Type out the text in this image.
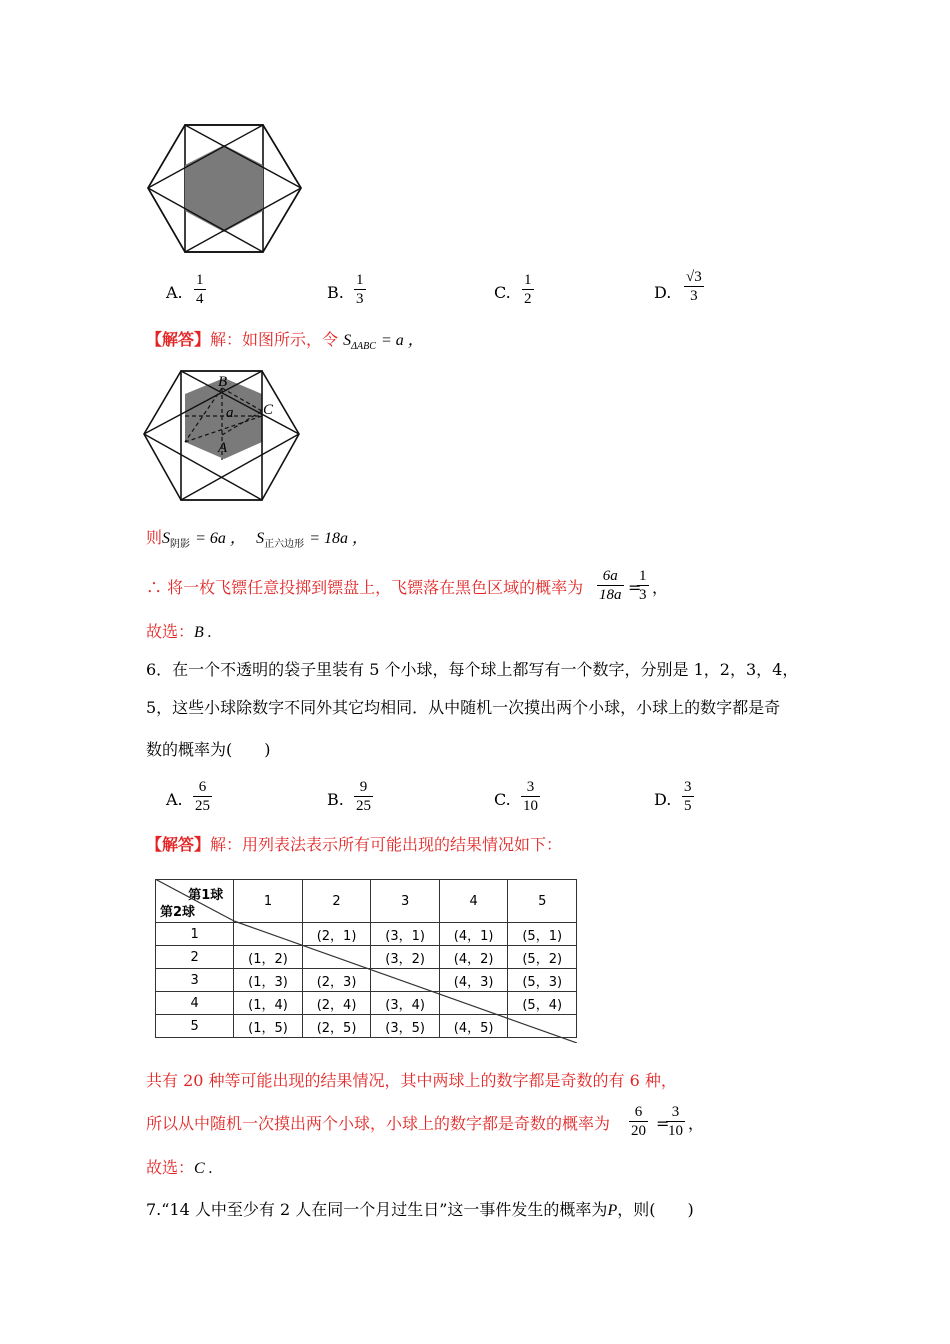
A. $\frac{1}{4}$	B. $\frac{1}{3}$	C. $\frac{1}{2}$	D. $\frac{√3}{3}$
【解答】解：如图所示，令 $S_{\Delta ABC} = a$ ，
B
C
a
A
则$S_{阴影} = 6a$ ， $S_{正六边形} = 18a$ ，
∴ 将一枚飞镖任意投掷到镖盘上，飞镖落在黑色区域的概率为 $\frac{6a}{18a}$ =
$\frac{1}{3}$ ，
故选：B .
6．在一个不透明的袋子里装有 5 个小球，每个球上都写有一个数字，分别是 1，2，3，4，
5，这些小球除数字不同外其它均相同．从中随机一次摸出两个小球，小球上的数字都是奇
数的概率为(　　)
A. $\frac{6}{25}$	B. $\frac{9}{25}$	C. $\frac{3}{10}$	D. $\frac{3}{5}$
【解答】解：用列表法表示所有可能出现的结果情况如下：
第1球
第2球	1	2	3	4	5
1		(2，1)	(3，1)	(4，1)	(5，1)
2	(1，2)		(3，2)	(4，2)	(5，2)
3	(1，3)	(2，3)		(4，3)	(5，3)
4	(1，4)	(2，4)	(3，4)		(5，4)
5	(1，5)	(2，5)	(3，5)	(4，5)	
共有 20 种等可能出现的结果情况，其中两球上的数字都是奇数的有 6 种，
所以从中随机一次摸出两个小球，小球上的数字都是奇数的概率为 $\frac{6}{20}$ =
$\frac{3}{10}$ ，
故选：C .
7.“14 人中至少有 2 人在同一个月过生日”这一事件发生的概率为P，则(　　)
